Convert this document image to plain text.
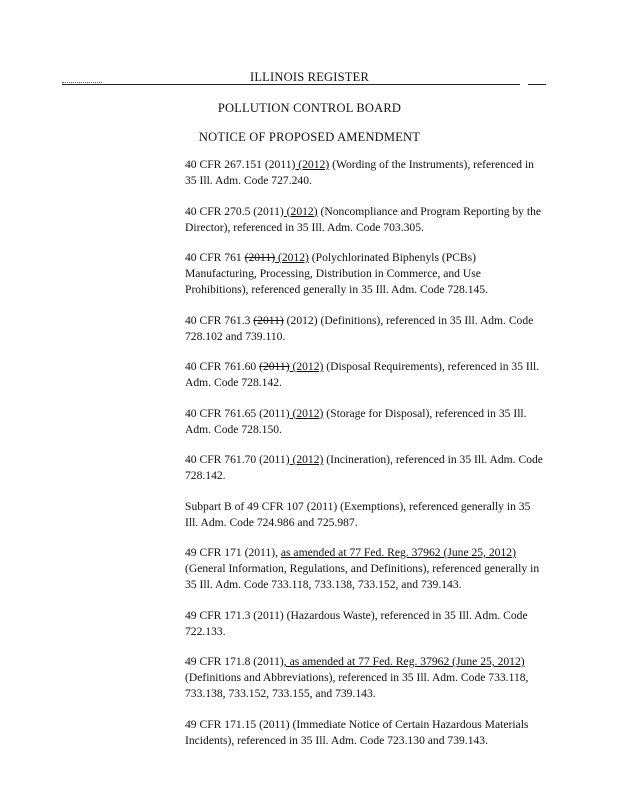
ILLINOIS REGISTER
POLLUTION CONTROL BOARD
NOTICE OF PROPOSED AMENDMENT
40 CFR 267.151 (2011) (2012) (Wording of the Instruments), referenced in 35 Ill. Adm. Code 727.240.
40 CFR 270.5 (2011) (2012) (Noncompliance and Program Reporting by the Director), referenced in 35 Ill. Adm. Code 703.305.
40 CFR 761 (2011) (2012) (Polychlorinated Biphenyls (PCBs) Manufacturing, Processing, Distribution in Commerce, and Use Prohibitions), referenced generally in 35 Ill. Adm. Code 728.145.
40 CFR 761.3 (2011) (2012) (Definitions), referenced in 35 Ill. Adm. Code 728.102 and 739.110.
40 CFR 761.60 (2011) (2012) (Disposal Requirements), referenced in 35 Ill. Adm. Code 728.142.
40 CFR 761.65 (2011) (2012) (Storage for Disposal), referenced in 35 Ill. Adm. Code 728.150.
40 CFR 761.70 (2011) (2012) (Incineration), referenced in 35 Ill. Adm. Code 728.142.
Subpart B of 49 CFR 107 (2011) (Exemptions), referenced generally in 35 Ill. Adm. Code 724.986 and 725.987.
49 CFR 171 (2011), as amended at 77 Fed. Reg. 37962 (June 25, 2012) (General Information, Regulations, and Definitions), referenced generally in 35 Ill. Adm. Code 733.118, 733.138, 733.152, and 739.143.
49 CFR 171.3 (2011) (Hazardous Waste), referenced in 35 Ill. Adm. Code 722.133.
49 CFR 171.8 (2011), as amended at 77 Fed. Reg. 37962 (June 25, 2012) (Definitions and Abbreviations), referenced in 35 Ill. Adm. Code 733.118, 733.138, 733.152, 733.155, and 739.143.
49 CFR 171.15 (2011) (Immediate Notice of Certain Hazardous Materials Incidents), referenced in 35 Ill. Adm. Code 723.130 and 739.143.
